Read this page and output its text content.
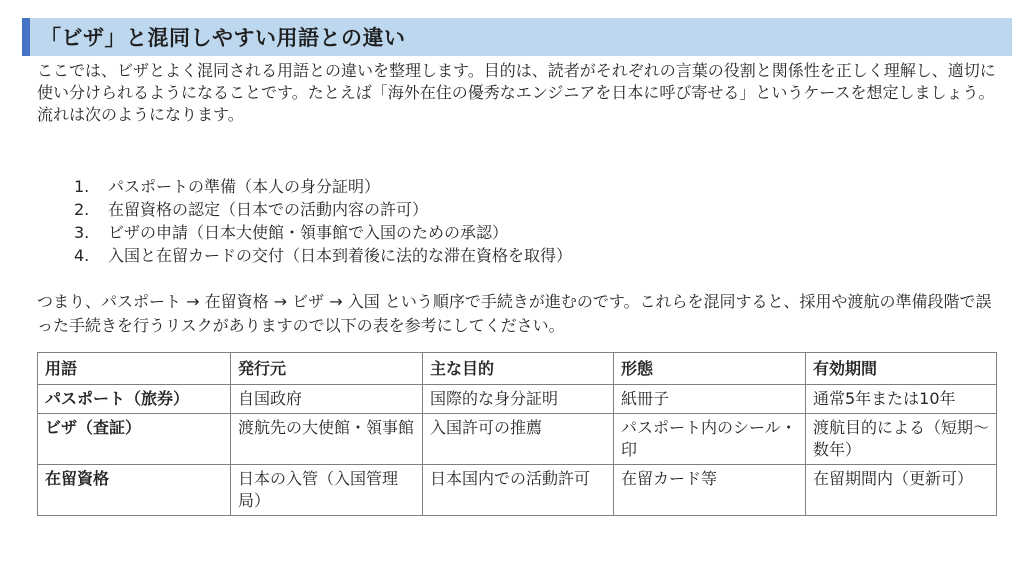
「ビザ」と混同しやすい用語との違い

ここでは、ビザとよく混同される用語との違いを整理します。目的は、読者がそれぞれの言葉の役割と関係性を正しく理解し、適切に使い分けられるようになることです。たとえば「海外在住の優秀なエンジニアを日本に呼び寄せる」というケースを想定しましょう。

流れは次のようになります。

1.	パスポートの準備（本人の身分証明）
2.	在留資格の認定（日本での活動内容の許可）
3.	ビザの申請（日本大使館・領事館で入国のための承認）
4.	入国と在留カードの交付（日本到着後に法的な滞在資格を取得）

つまり、パスポート → 在留資格 → ビザ → 入国 という順序で手続きが進むのです。これらを混同すると、採用や渡航の準備段階で誤った手続きを行うリスクがありますので以下の表を参考にしてください。

用語	発行元	主な目的	形態	有効期間
パスポート（旅券）	自国政府	国際的な身分証明	紙冊子	通常5年または10年
ビザ（査証）	渡航先の大使館・領事館	入国許可の推薦	パスポート内のシール・印	渡航目的による（短期〜数年）
在留資格	日本の入管（入国管理局）	日本国内での活動許可	在留カード等	在留期間内（更新可）
